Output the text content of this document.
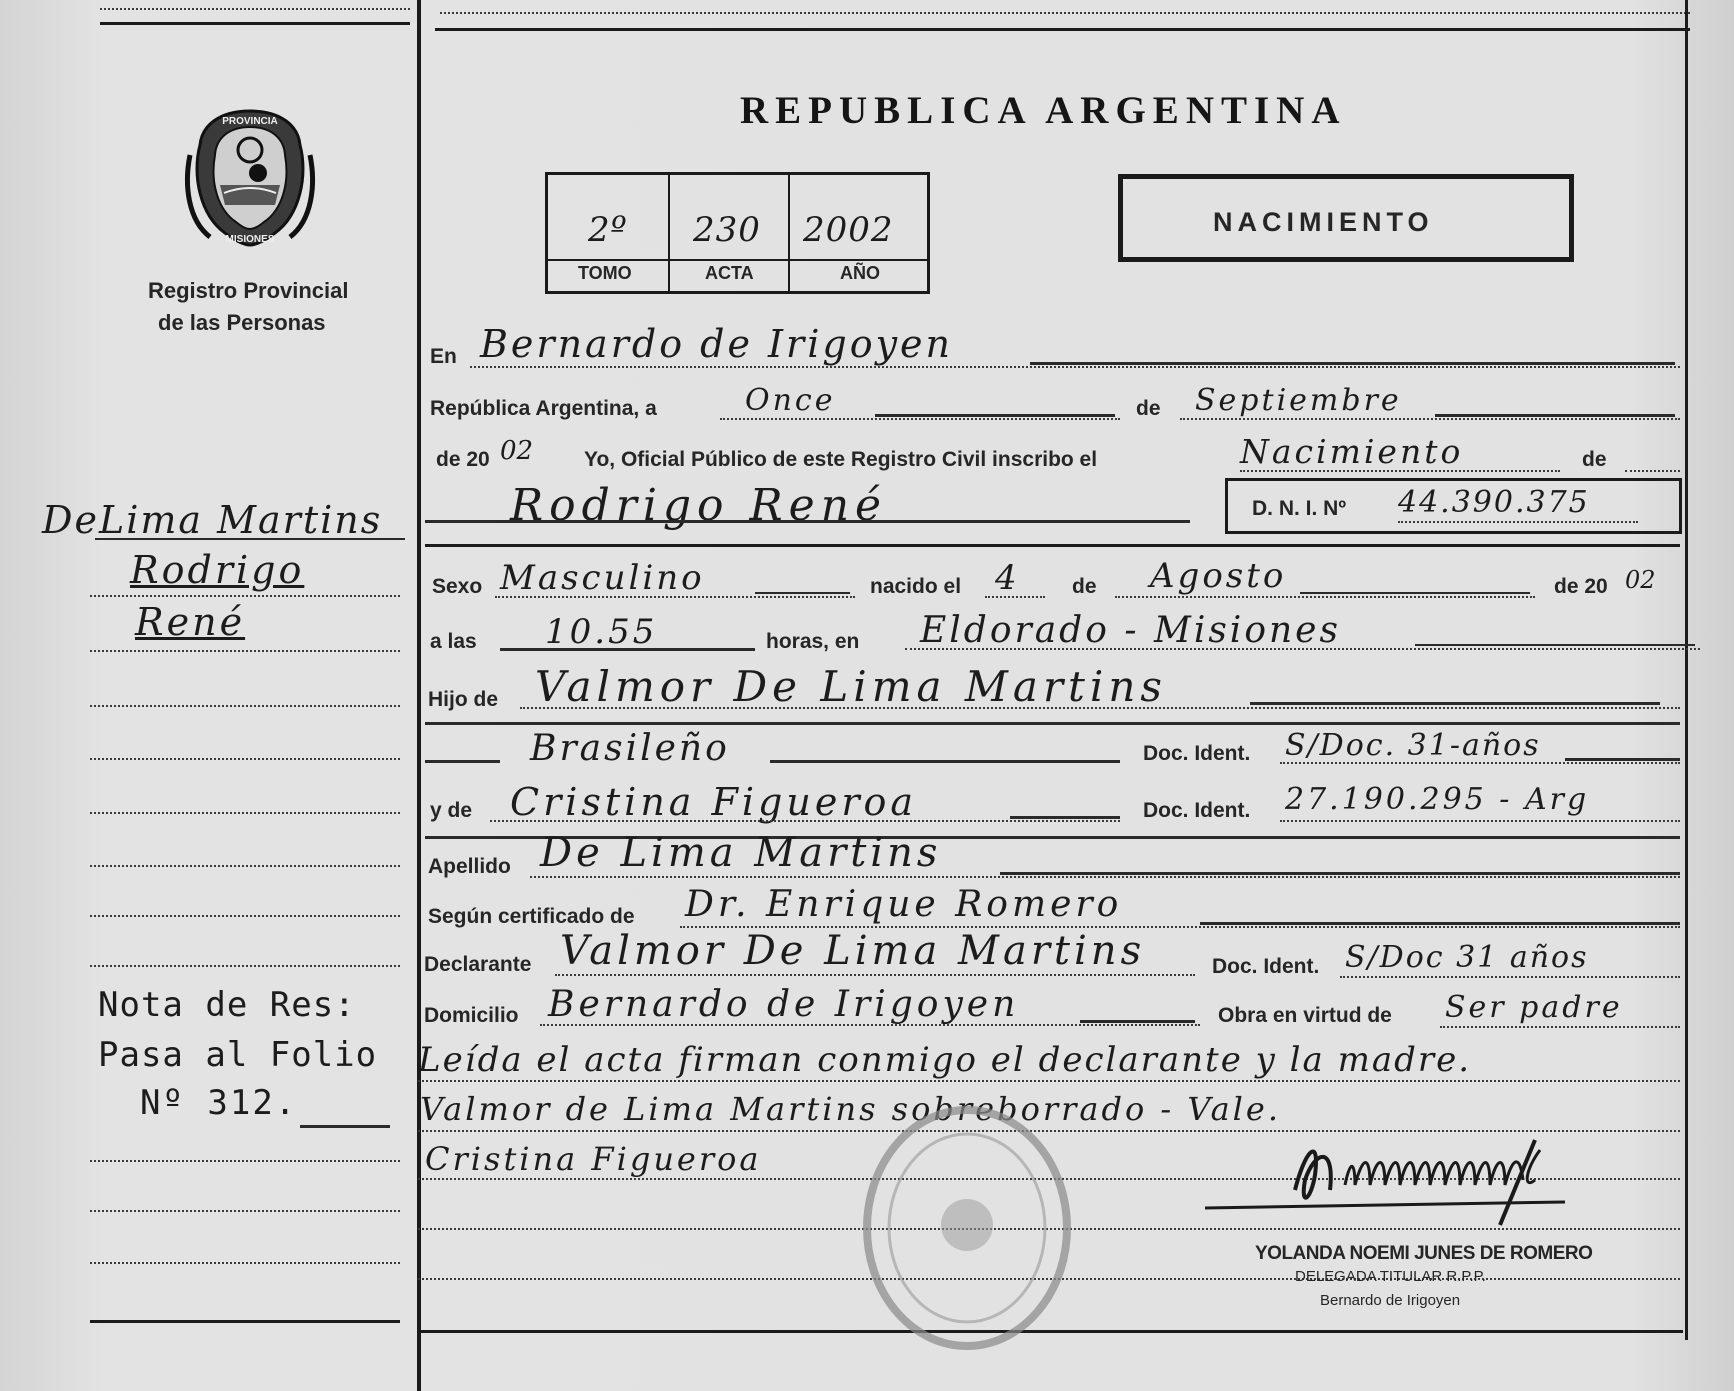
PROVINCIA
MISIONES
Registro Provincial
de las Personas
DeLima Martins
Rodrigo
René
Nota de Res:
Pasa al Folio
Nº 312.
REPUBLICA ARGENTINA
2º 230 2002
TOMO	ACTA	AÑO
NACIMIENTO
En Bernardo de Irigoyen
República Argentina, a	Once	de Septiembre
de 20 02 Yo, Oficial Público de este Registro Civil inscribo el	Nacimiento	de
Rodrigo René	D. N. I. Nº 44.390.375
Sexo Masculino	nacido el 4 de Agosto	de 20 02
a las 10.55	horas, en Eldorado - Misiones
Hijo de Valmor De Lima Martins
Brasileño	Doc. Ident. S/Doc. 31-años
y de Cristina Figueroa	Doc. Ident. 27.190.295 - Arg
Apellido De Lima Martins
Según certificado de Dr. Enrique Romero
Declarante Valmor De Lima Martins	Doc. Ident. S/Doc 31 años
Domicilio Bernardo de Irigoyen	Obra en virtud de Ser padre
Leída el acta firman conmigo el declarante y la madre.
Valmor de Lima Martins sobreborrado - Vale.
Cristina Figueroa
YOLANDA NOEMI JUNES DE ROMERO
DELEGADA TITULAR R.P.P.
Bernardo de Irigoyen
